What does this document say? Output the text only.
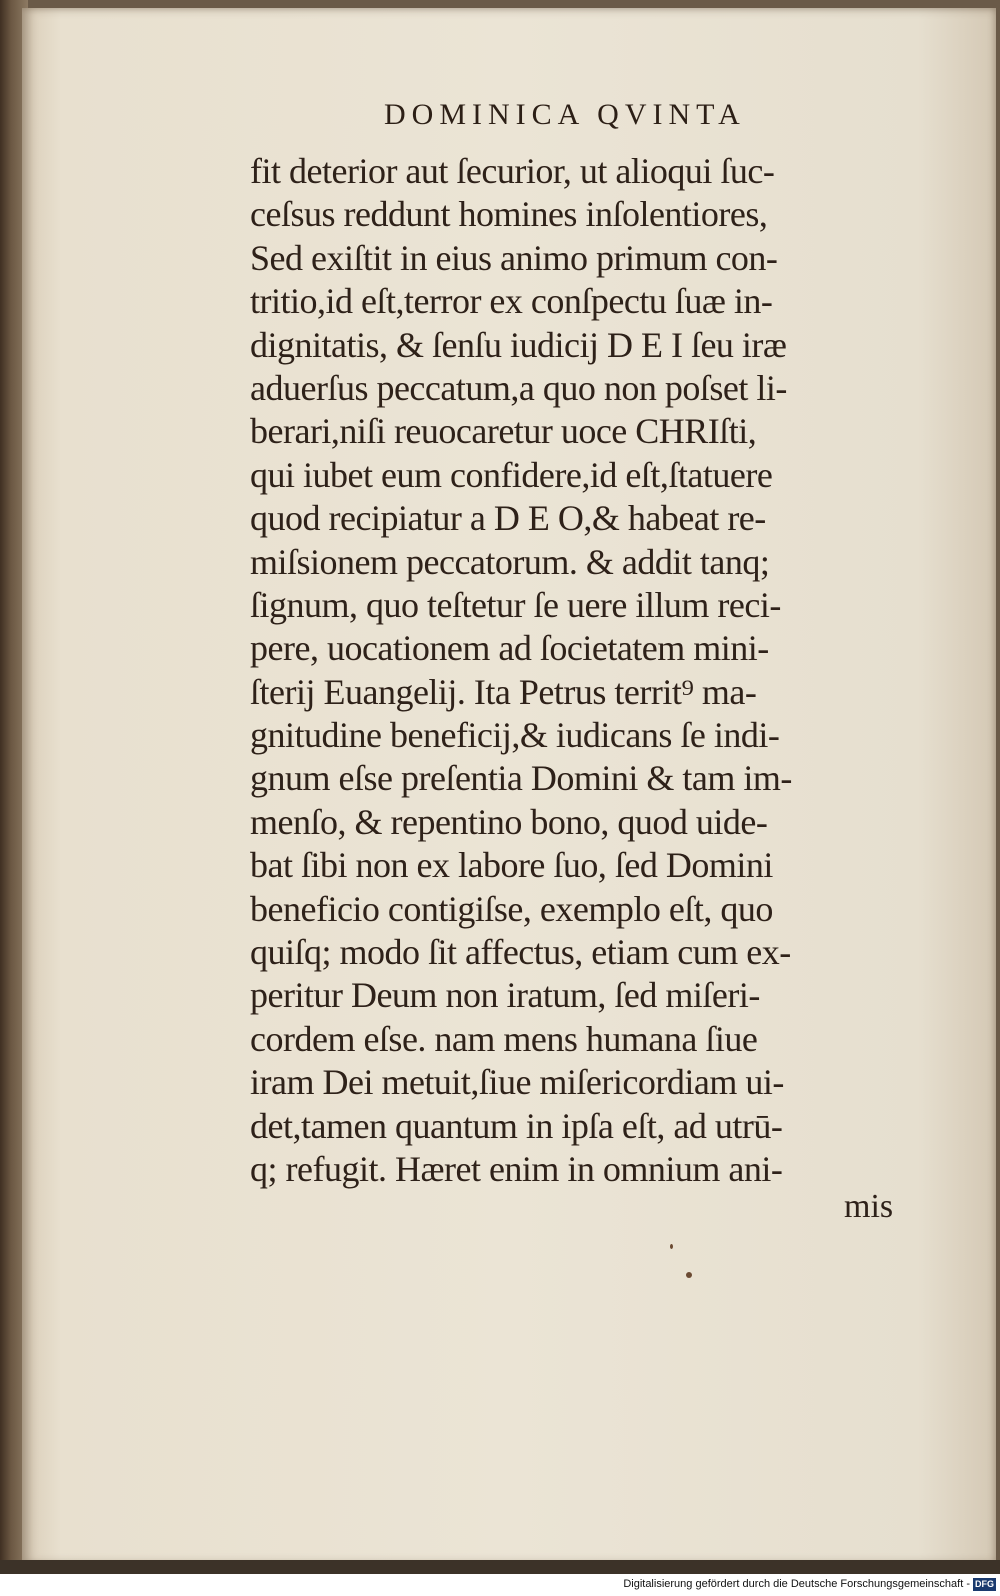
DOMINICA QVINTA
fit deterior aut ſecurior, ut alioqui ſuc-
ceſsus reddunt homines inſolentiores,
Sed exiſtit in eius animo primum con-
tritio,id eſt,terror ex conſpectu ſuæ in-
dignitatis, & ſenſu iudicij D E I ſeu iræ
aduerſus peccatum,a quo non poſset li-
berari,niſi reuocaretur uoce CHRIſti,
qui iubet eum confidere,id eſt,ſtatuere
quod recipiatur a D E O,& habeat re-
miſsionem peccatorum. & addit tanq;
ſignum, quo teſtetur ſe uere illum reci-
pere, uocationem ad ſocietatem mini-
ſterij Euangelij. Ita Petrus territ⁹ ma-
gnitudine beneficij,& iudicans ſe indi-
gnum eſse preſentia Domini & tam im-
menſo, & repentino bono, quod uide-
bat ſibi non ex labore ſuo, ſed Domini
beneficio contigiſse, exemplo eſt, quo
quiſq; modo ſit affectus, etiam cum ex-
peritur Deum non iratum, ſed miſeri-
cordem eſse. nam mens humana ſiue
iram Dei metuit,ſiue miſericordiam ui-
det,tamen quantum in ipſa eſt, ad utrū-
q; refugit. Hæret enim in omnium ani-
mis
Digitalisierung gefördert durch die Deutsche Forschungsgemeinschaft - DFG
